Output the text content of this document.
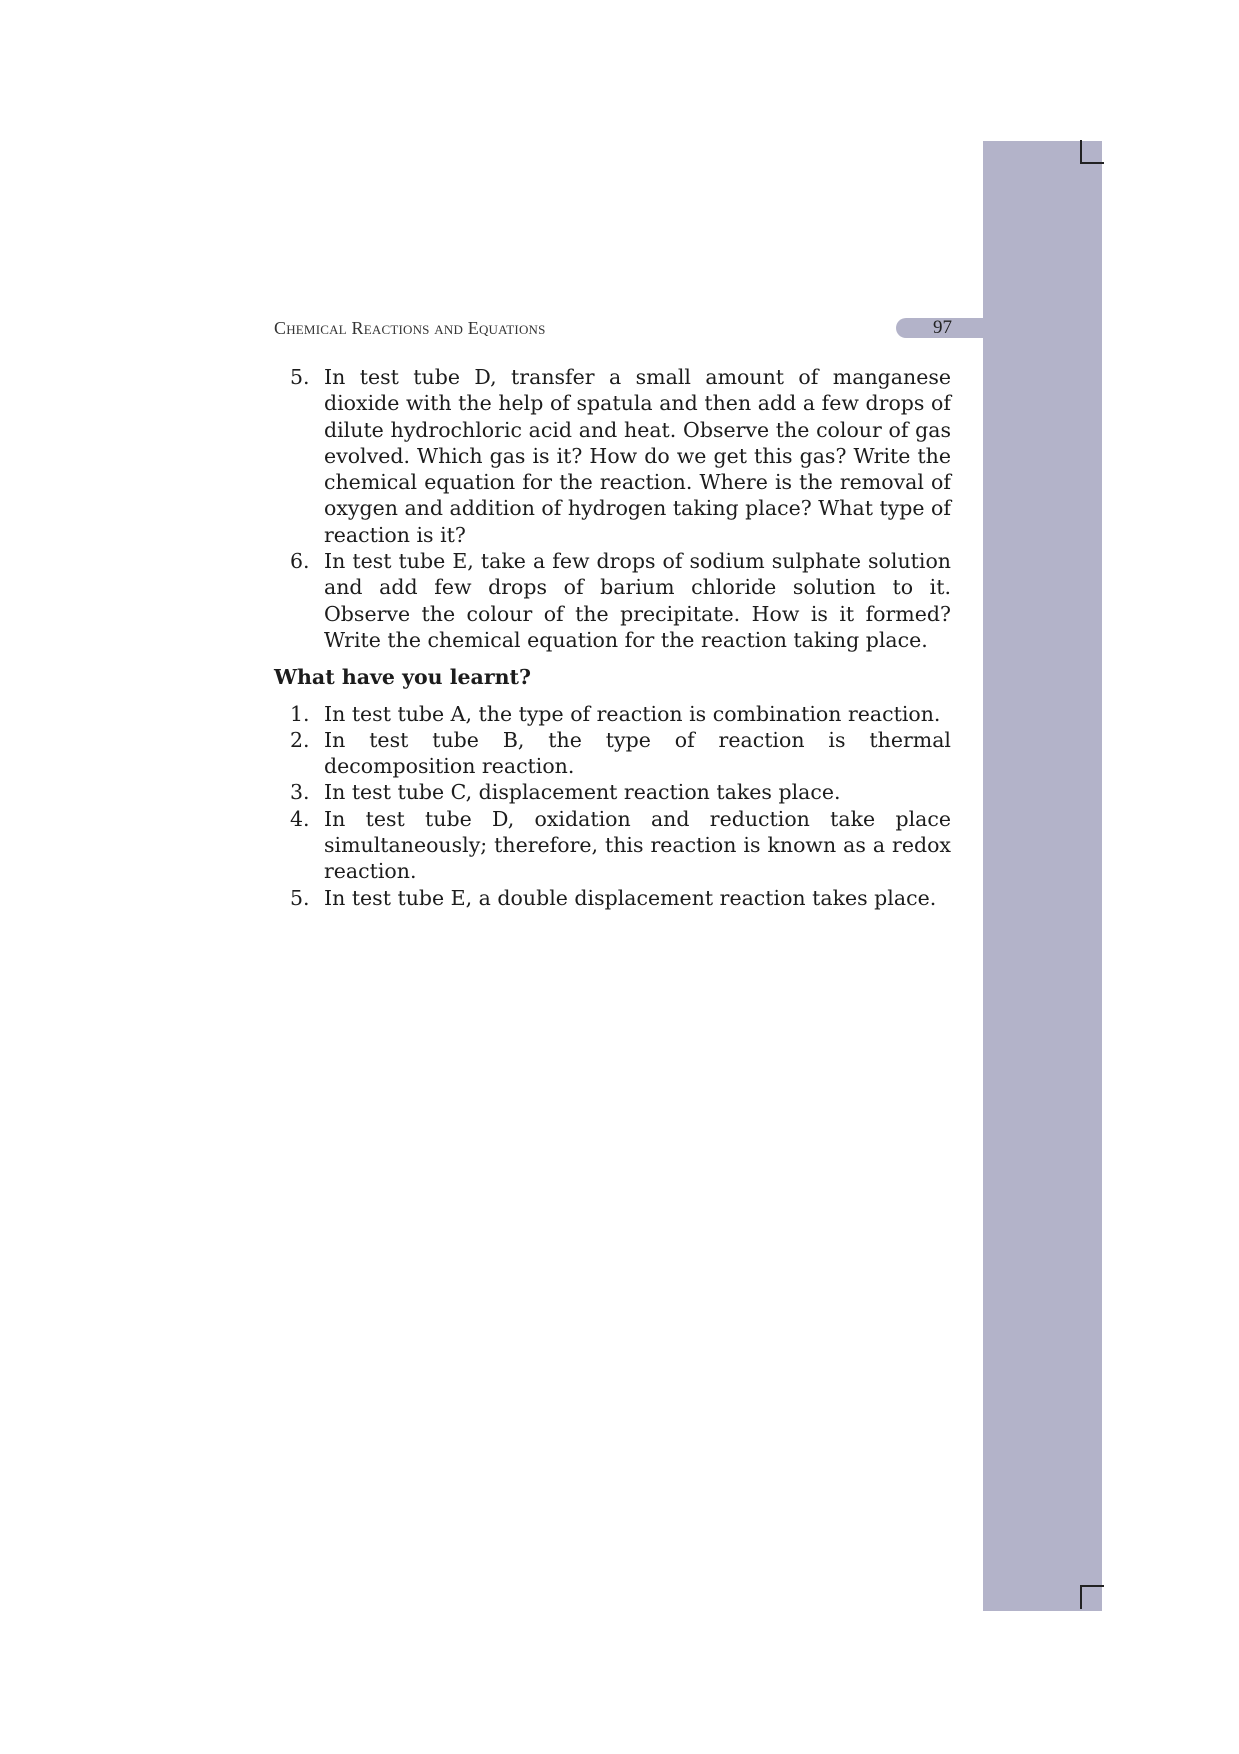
Chemical Reactions and Equations	97
5. In test tube D, transfer a small amount of manganese dioxide with the help of spatula and then add a few drops of dilute hydrochloric acid and heat. Observe the colour of gas evolved. Which gas is it? How do we get this gas? Write the chemical equation for the reaction. Where is the removal of oxygen and addition of hydrogen taking place? What type of reaction is it?
6. In test tube E, take a few drops of sodium sulphate solution and add few drops of barium chloride solution to it. Observe the colour of the precipitate. How is it formed? Write the chemical equation for the reaction taking place.
What have you learnt?
1. In test tube A, the type of reaction is combination reaction.
2. In test tube B, the type of reaction is thermal decomposition reaction.
3. In test tube C, displacement reaction takes place.
4. In test tube D, oxidation and reduction take place simultaneously; therefore, this reaction is known as a redox reaction.
5. In test tube E, a double displacement reaction takes place.
